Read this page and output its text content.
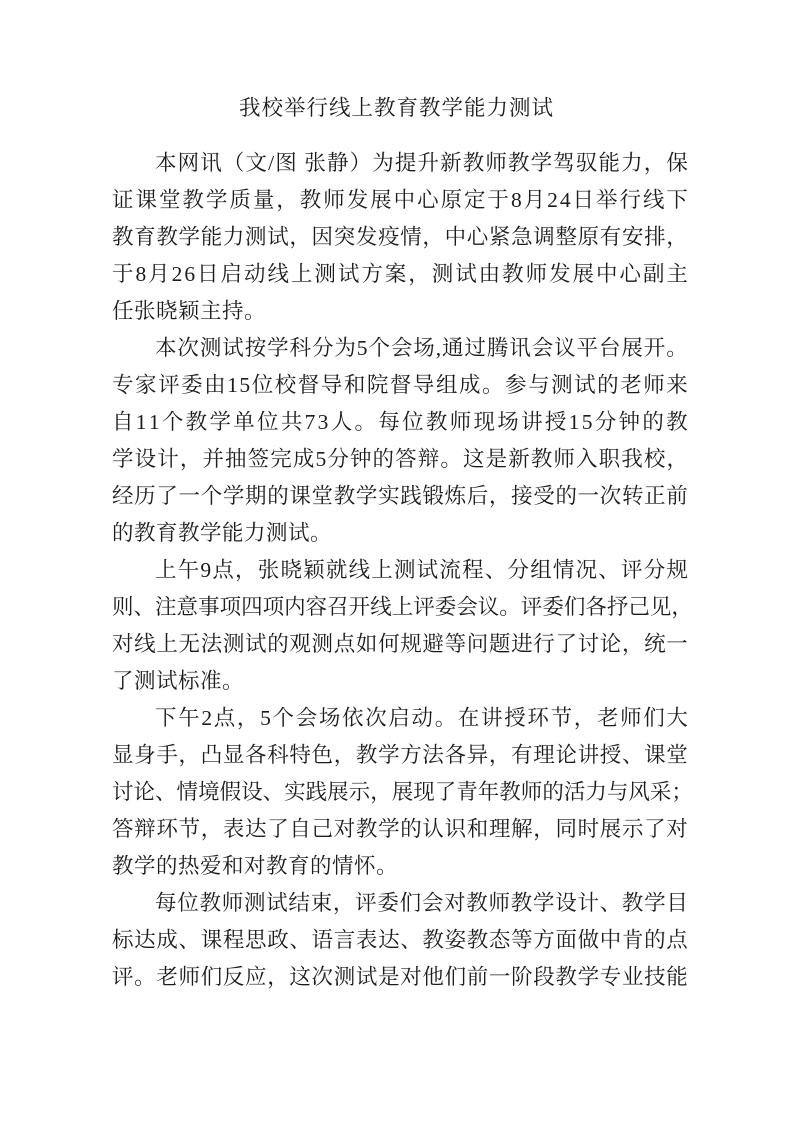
我校举行线上教育教学能力测试
本 网 讯 （ 文 / 图
张 静 ） 为 提 升 新 教 师 教 学 驾 驭 能 力 ， 保
证 课 堂 教 学 质 量 ， 教 师 发 展 中 心 原 定 于 8 月 2 4 日 举 行 线 下
教 育 教 学 能 力 测 试 ， 因 突 发 疫 情 ， 中 心 紧 急 调 整 原 有 安 排 ，
于 8 月 2 6 日 启 动 线 上 测 试 方 案 ， 测 试 由 教 师 发 展 中 心 副 主
任张晓颖主持。
本 次 测 试 按 学 科 分 为 5 个 会 场 , 通 过 腾 讯 会 议 平 台 展 开 。
专 家 评 委 由 1 5 位 校 督 导 和 院 督 导 组 成 。 参 与 测 试 的 老 师 来
自 1 1 个 教 学 单 位 共 7 3 人 。 每 位 教 师 现 场 讲 授 1 5 分 钟 的 教
学 设 计 ， 并 抽 签 完 成 5 分 钟 的 答 辩 。 这 是 新 教 师 入 职 我 校 ，
经 历 了 一 个 学 期 的 课 堂 教 学 实 践 锻 炼 后 ， 接 受 的 一 次 转 正 前
的教育教学能力测试。
上 午 9 点 ， 张 晓 颖 就 线 上 测 试 流 程 、 分 组 情 况 、 评 分 规
则 、 注 意 事 项 四 项 内 容 召 开 线 上 评 委 会 议 。 评 委 们 各 抒 己 见 ，
对 线 上 无 法 测 试 的 观 测 点 如 何 规 避 等 问 题 进 行 了 讨 论 ， 统 一
了测试标准。
下 午 2 点 ， 5 个 会 场 依 次 启 动 。 在 讲 授 环 节 ， 老 师 们 大
显 身 手 ， 凸 显 各 科 特 色 ， 教 学 方 法 各 异 ， 有 理 论 讲 授 、 课 堂
讨 论 、 情 境 假 设 、 实 践 展 示 ， 展 现 了 青 年 教 师 的 活 力 与 风 采 ；
答 辩 环 节 ， 表 达 了 自 己 对 教 学 的 认 识 和 理 解 ， 同 时 展 示 了 对
教学的热爱和对教育的情怀。
每 位 教 师 测 试 结 束 ， 评 委 们 会 对 教 师 教 学 设 计 、 教 学 目
标 达 成 、 课 程 思 政 、 语 言 表 达 、 教 姿 教 态 等 方 面 做 中 肯 的 点
评 。 老 师 们 反 应 ， 这 次 测 试 是 对 他 们 前 一 阶 段 教 学 专 业 技 能
